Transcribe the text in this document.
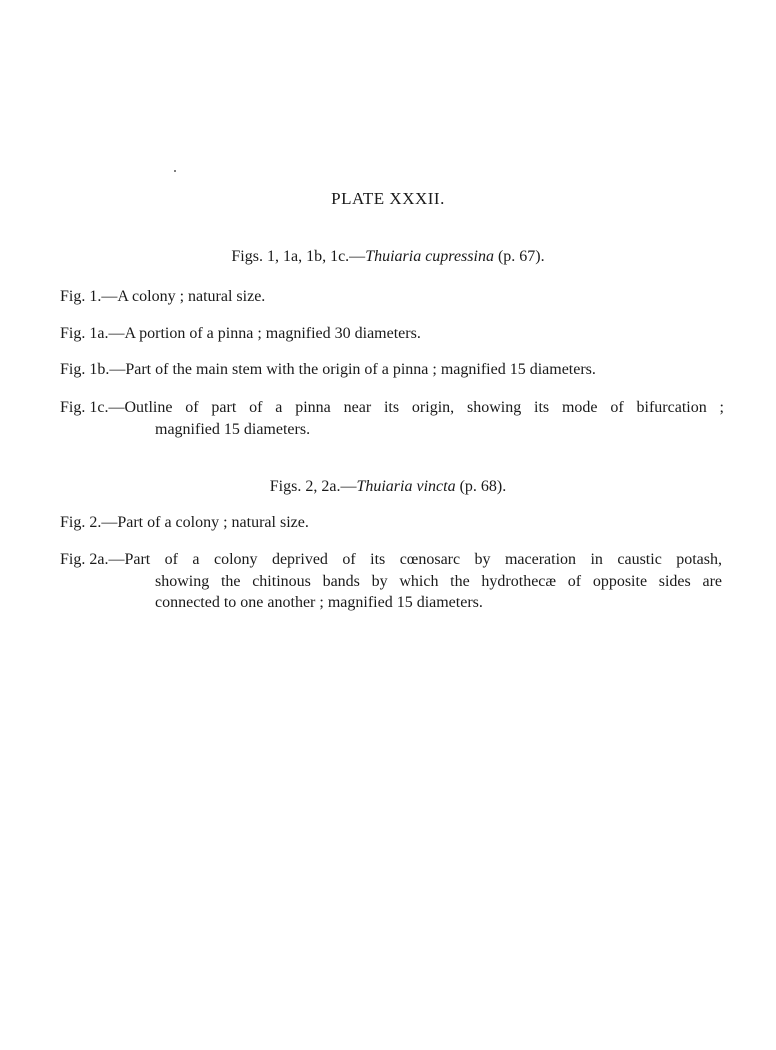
PLATE XXXII.
Figs. 1, 1a, 1b, 1c.—Thuiaria cupressina (p. 67).
Fig. 1.—A colony ; natural size.
Fig. 1a.—A portion of a pinna ; magnified 30 diameters.
Fig. 1b.—Part of the main stem with the origin of a pinna ; magnified 15 diameters.
Fig. 1c.— Outline of part of a pinna near its origin, showing its mode of bifurcation ;
magnified 15 diameters.
Figs. 2, 2a.—Thuiaria vincta (p. 68).
Fig. 2.—Part of a colony ; natural size.
Fig. 2a.— Part of a colony deprived of its cœnosarc by maceration in caustic potash,
showing the chitinous bands by which the hydrothecæ of opposite sides are
connected to one another ; magnified 15 diameters.
